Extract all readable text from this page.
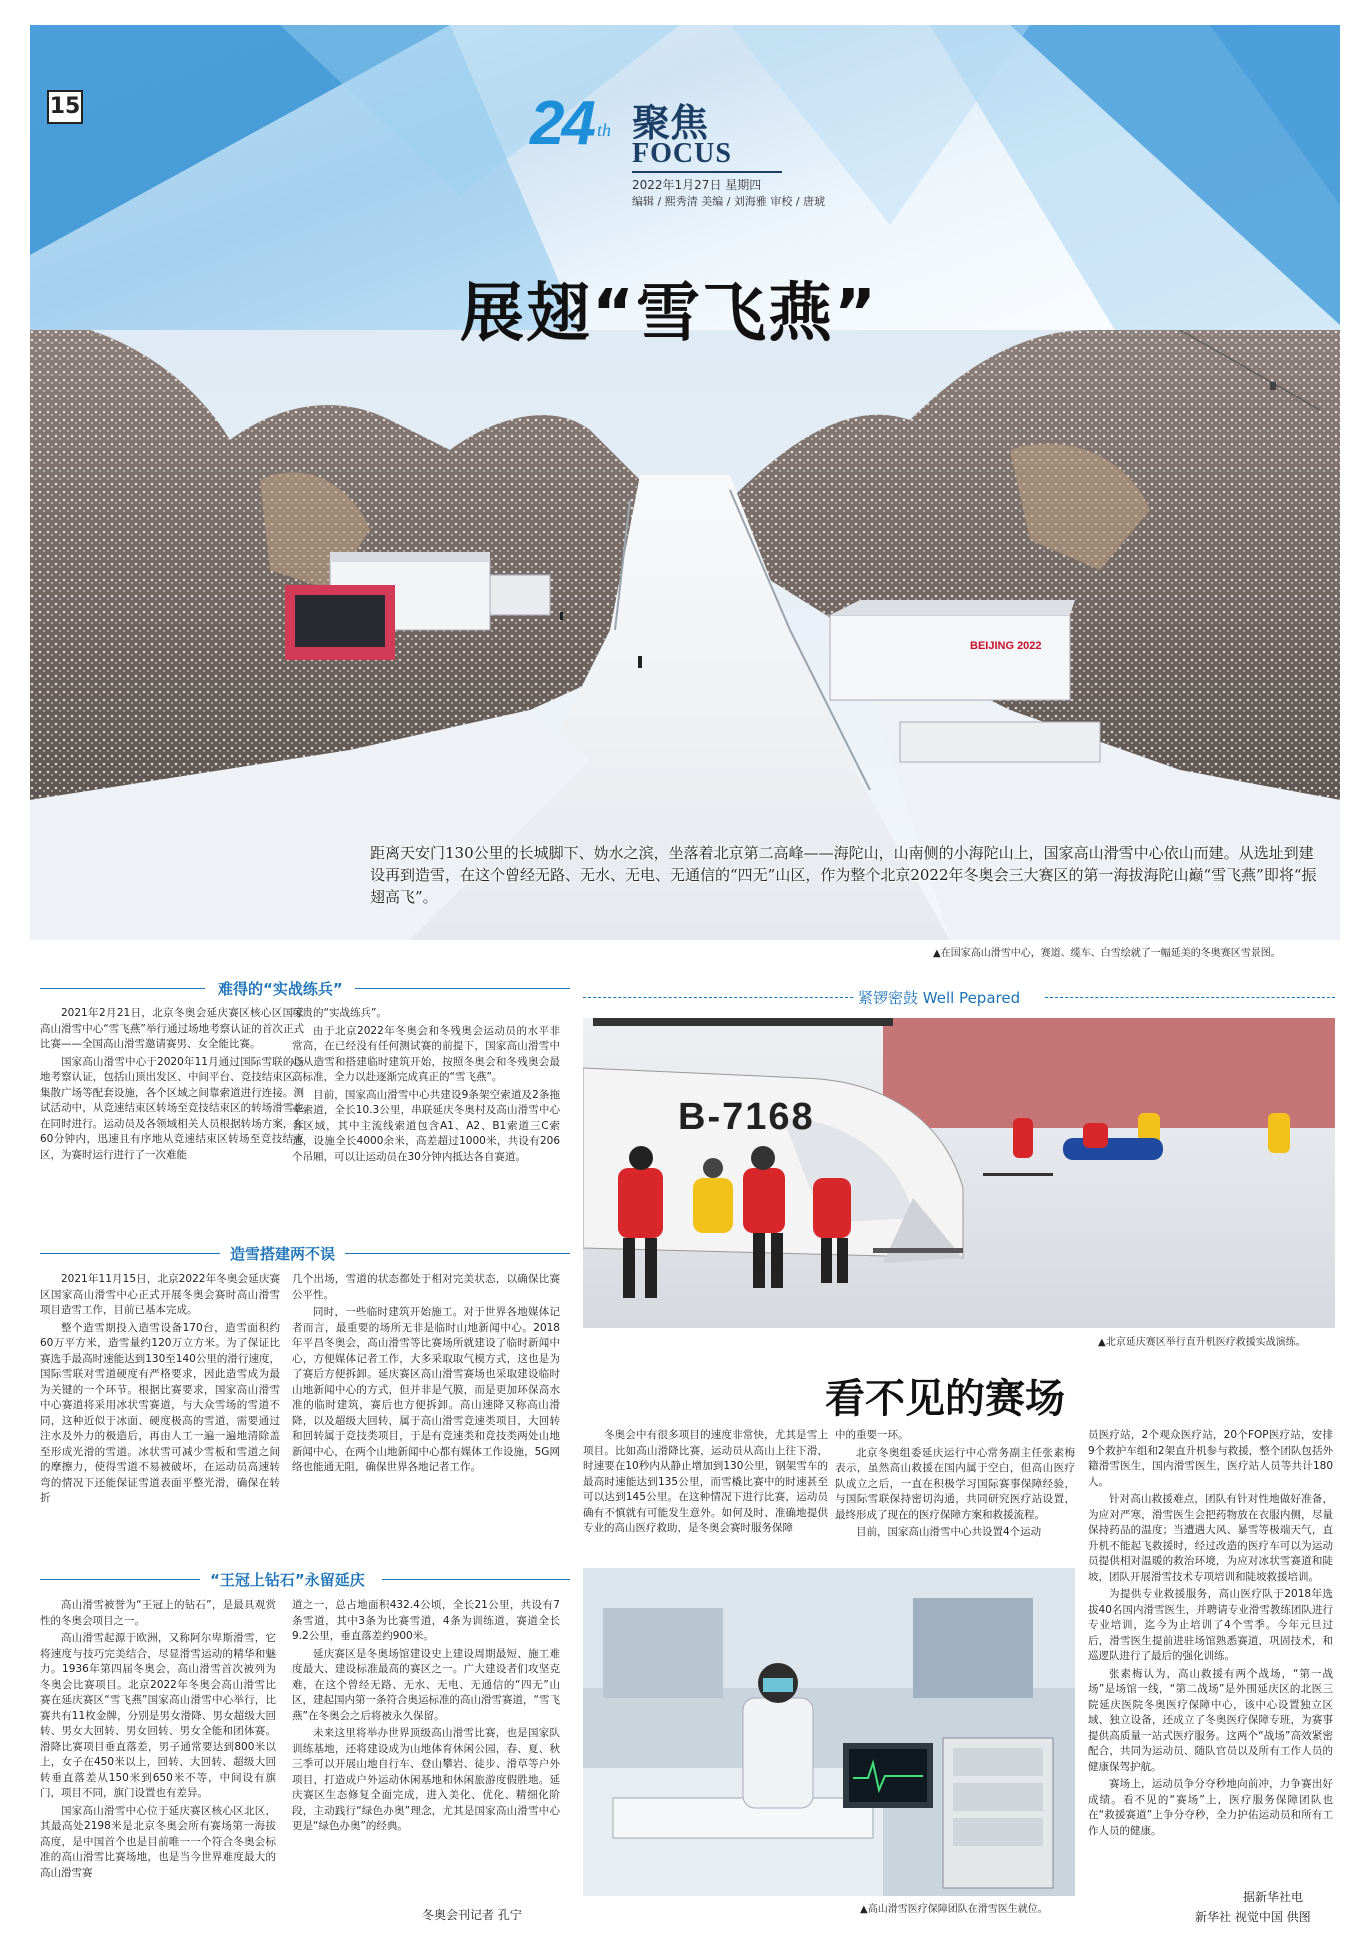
15	24 th 聚焦
FOCUS
2022年1月27日 星期四
编辑 / 熙秀清 美编 / 刘海雅 审校 / 唐琥
BEIJING 2022
展翅“雪飞燕”
距离天安门130公里的长城脚下、妫水之滨，坐落着北京第二高峰——海陀山，山南侧的小海陀山上，国家高山滑雪中心依山而建。从选址到建设再到造雪，在这个曾经无路、无水、无电、无通信的“四无”山区，作为整个北京2022年冬奥会三大赛区的第一海拔海陀山巅“雪飞燕”即将“振翅高飞”。
▲在国家高山滑雪中心，赛道、缆车、白雪绘就了一幅延美的冬奥赛区雪景图。
难得的“实战练兵”

2021年2月21日，北京冬奥会延庆赛区核心区国家高山滑雪中心“雪飞燕”举行通过场地考察认证的首次正式比赛——全国高山滑雪邀请赛男、女全能比赛。

国家高山滑雪中心于2020年11月通过国际雪联的场地考察认证，包括山顶出发区、中间平台、竞技结束区、集散广场等配套设施，各个区域之间靠索道进行连接。测试活动中，从竞速结束区转场至竞技结束区的转场滑雪也在同时进行。运动员及各领域相关人员根据转场方案，在60分钟内，迅速且有序地从竞速结束区转场至竞技结束区，为赛时运行进行了一次难能

可贵的“实战练兵”。

由于北京2022年冬奥会和冬残奥会运动员的水平非常高，在已经没有任何测试赛的前提下，国家高山滑雪中心从造雪和搭建临时建筑开始，按照冬奥会和冬残奥会最高标准，全力以赴逐渐完成真正的“雪飞燕”。

目前，国家高山滑雪中心共建设9条架空索道及2条拖牵索道，全长10.3公里，串联延庆冬奥村及高山滑雪中心各区域，其中主流线索道包含A1、A2、B1索道三C索道，设施全长4000余米，高差超过1000米，共设有206个吊厢，可以让运动员在30分钟内抵达各自赛道。

造雪搭建两不误

2021年11月15日，北京2022年冬奥会延庆赛区国家高山滑雪中心正式开展冬奥会赛时高山滑雪项目造雪工作，目前已基本完成。

整个造雪期投入造雪设备170台，造雪面积约60万平方米，造雪量约120万立方米。为了保证比赛选手最高时速能达到130至140公里的滑行速度，国际雪联对雪道硬度有严格要求，因此造雪成为最为关键的一个环节。根据比赛要求，国家高山滑雪中心赛道将采用冰状雪赛道，与大众雪场的雪道不同，这种近似于冰面、硬度极高的雪道，需要通过注水及外力的极造后，再由人工一遍一遍地清除盖至形成光滑的雪道。冰状雪可减少雪板和雪道之间的摩擦力，使得雪道不易被破坏，在运动员高速转弯的情况下还能保证雪道表面平整光滑，确保在转折

几个出场，雪道的状态都处于相对完美状态，以确保比赛公平性。

同时，一些临时建筑开始施工。对于世界各地媒体记者而言，最重要的场所无非是临时山地新闻中心。2018年平昌冬奥会，高山滑雪等比赛场所就建设了临时新闻中心，方便媒体记者工作，大多采取取气模方式，这也是为了赛后方便拆卸。延庆赛区高山滑雪赛场也采取建设临时山地新闻中心的方式，但并非是气膜，而是更加环保高水准的临时建筑，赛后也方便拆卸。高山速降又称高山滑降，以及超级大回转，属于高山滑雪竞速类项目，大回转和回转属于竞技类项目，于是有竞速类和竞技类两处山地新闻中心，在两个山地新闻中心都有媒体工作设施，5G网络也能通无阻，确保世界各地记者工作。

“王冠上钻石”永留延庆

高山滑雪被誉为“王冠上的钻石”，是最具观赏性的冬奥会项目之一。

高山滑雪起源于欧洲，又称阿尔卑斯滑雪，它将速度与技巧完美结合，尽显滑雪运动的精华和魅力。1936年第四届冬奥会，高山滑雪首次被列为冬奥会比赛项目。北京2022年冬奥会高山滑雪比赛在延庆赛区“雪飞燕”国家高山滑雪中心举行，比赛共有11枚金牌，分别是男女滑降、男女超级大回转、男女大回转、男女回转、男女全能和团体赛。滑降比赛项目垂直落差，男子通常要达到800米以上，女子在450米以上，回转、大回转、超级大回转垂直落差从150米到650米不等，中间设有旗门，项目不同，旗门设置也有差异。

国家高山滑雪中心位于延庆赛区核心区北区，其最高处2198米是北京冬奥会所有赛场第一海拔高度，是中国首个也是目前唯一一个符合冬奥会标准的高山滑雪比赛场地，也是当今世界难度最大的高山滑雪赛

道之一，总占地面积432.4公顷，全长21公里，共设有7条雪道，其中3条为比赛雪道，4条为训练道，赛道全长9.2公里，垂直落差约900米。

延庆赛区是冬奥场馆建设史上建设周期最短、施工难度最大、建设标准最高的赛区之一。广大建设者们攻坚克难，在这个曾经无路、无水、无电、无通信的“四无”山区，建起国内第一条符合奥运标准的高山滑雪赛道，“雪飞燕”在冬奥会之后将被永久保留。

未来这里将举办世界顶级高山滑雪比赛，也是国家队训练基地，还将建设成为山地体育休闲公园，春、夏、秋三季可以开展山地自行车、登山攀岩、徒步、滑草等户外项目，打造成户外运动休闲基地和休闲旅游度假胜地。延庆赛区生态修复全面完成，进入美化、优化、精细化阶段，主动践行“绿色办奥”理念，尤其是国家高山滑雪中心更是“绿色办奥”的经典。

冬奥会刊记者 孔宁
紧锣密鼓 Well Pepared
B-7168
▲北京延庆赛区举行直升机医疗救援实战演练。
看不见的赛场

冬奥会中有很多项目的速度非常快，尤其是雪上项目。比如高山滑降比赛，运动员从高山上往下滑，时速要在10秒内从静止增加到130公里，钢架雪车的最高时速能达到135公里，而雪橇比赛中的时速甚至可以达到145公里。在这种情况下进行比赛，运动员确有不慎就有可能发生意外。如何及时、准确地提供专业的高山医疗救助，是冬奥会赛时服务保障

中的重要一环。

北京冬奥组委延庆运行中心常务副主任张素梅表示，虽然高山救援在国内属于空白，但高山医疗队成立之后，一直在积极学习国际赛事保障经验，与国际雪联保持密切沟通，共同研究医疗站设置，最终形成了现在的医疗保障方案和救援流程。

目前，国家高山滑雪中心共设置4个运动

▲高山滑雪医疗保障团队在滑雪医生就位。

员医疗站，2个观众医疗站，20个FOP医疗站，安排9个救护车组和2架直升机参与救援，整个团队包括外籍滑雪医生，国内滑雪医生，医疗站人员等共计180人。

针对高山救援难点，团队有针对性地做好准备，为应对严寒，滑雪医生会把药物放在衣服内侧，尽量保持药品的温度；当遭遇大风、暴雪等极端天气，直升机不能起飞救援时，经过改造的医疗车可以为运动员提供相对温暖的救治环境，为应对冰状雪赛道和陡坡，团队开展滑雪技术专项培训和陡坡救援培训。

为提供专业救援服务，高山医疗队于2018年选拔40名国内滑雪医生，并聘请专业滑雪教练团队进行专业培训，迄今为止培训了4个雪季。今年元旦过后，滑雪医生提前进驻场馆熟悉赛道，巩固技术，和巡逻队进行了最后的强化训练。

张素梅认为，高山救援有两个战场，“第一战场”是场馆一线，“第二战场”是外围延庆区的北医三院延庆医院冬奥医疗保障中心，该中心设置独立区域、独立设备，还成立了冬奥医疗保障专班，为赛事提供高质量一站式医疗服务。这两个“战场”高效紧密配合，共同为运动员、随队官员以及所有工作人员的健康保驾护航。

赛场上，运动员争分夺秒地向前冲，力争赛出好成绩。看不见的“赛场”上，医疗服务保障团队也在“救援赛道”上争分夺秒，全力护佑运动员和所有工作人员的健康。

据新华社电
新华社 视觉中国 供图
